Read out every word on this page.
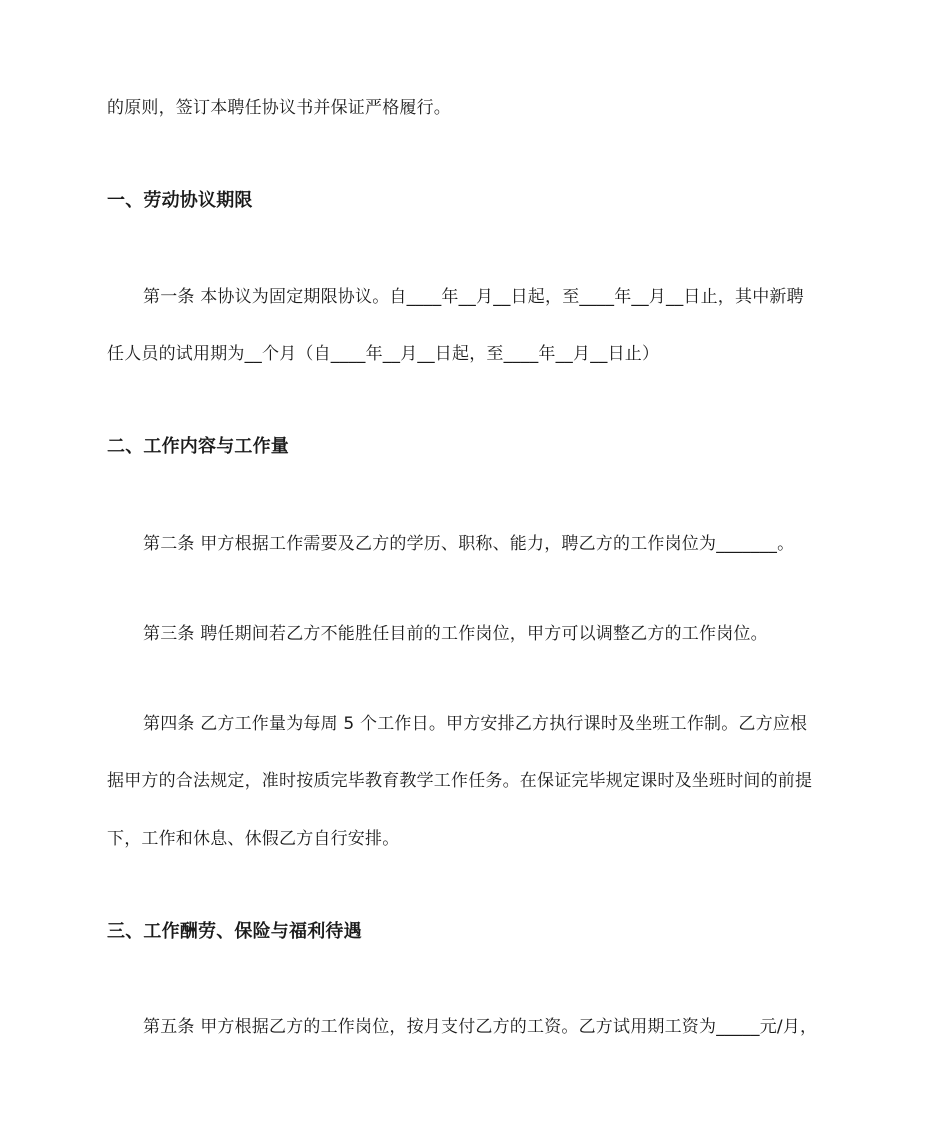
的原则，签订本聘任协议书并保证严格履行。
一、劳动协议期限
第一条 本协议为固定期限协议。自____年__月__日起，至____年__月__日止，其中新聘
任人员的试用期为__个月（自____年__月__日起，至____年__月__日止）
二、工作内容与工作量
第二条 甲方根据工作需要及乙方的学历、职称、能力，聘乙方的工作岗位为_______。
第三条 聘任期间若乙方不能胜任目前的工作岗位，甲方可以调整乙方的工作岗位。
第四条 乙方工作量为每周 5 个工作日。甲方安排乙方执行课时及坐班工作制。乙方应根
据甲方的合法规定，准时按质完毕教育教学工作任务。在保证完毕规定课时及坐班时间的前提
下，工作和休息、休假乙方自行安排。
三、工作酬劳、保险与福利待遇
第五条 甲方根据乙方的工作岗位，按月支付乙方的工资。乙方试用期工资为_____元/月，
